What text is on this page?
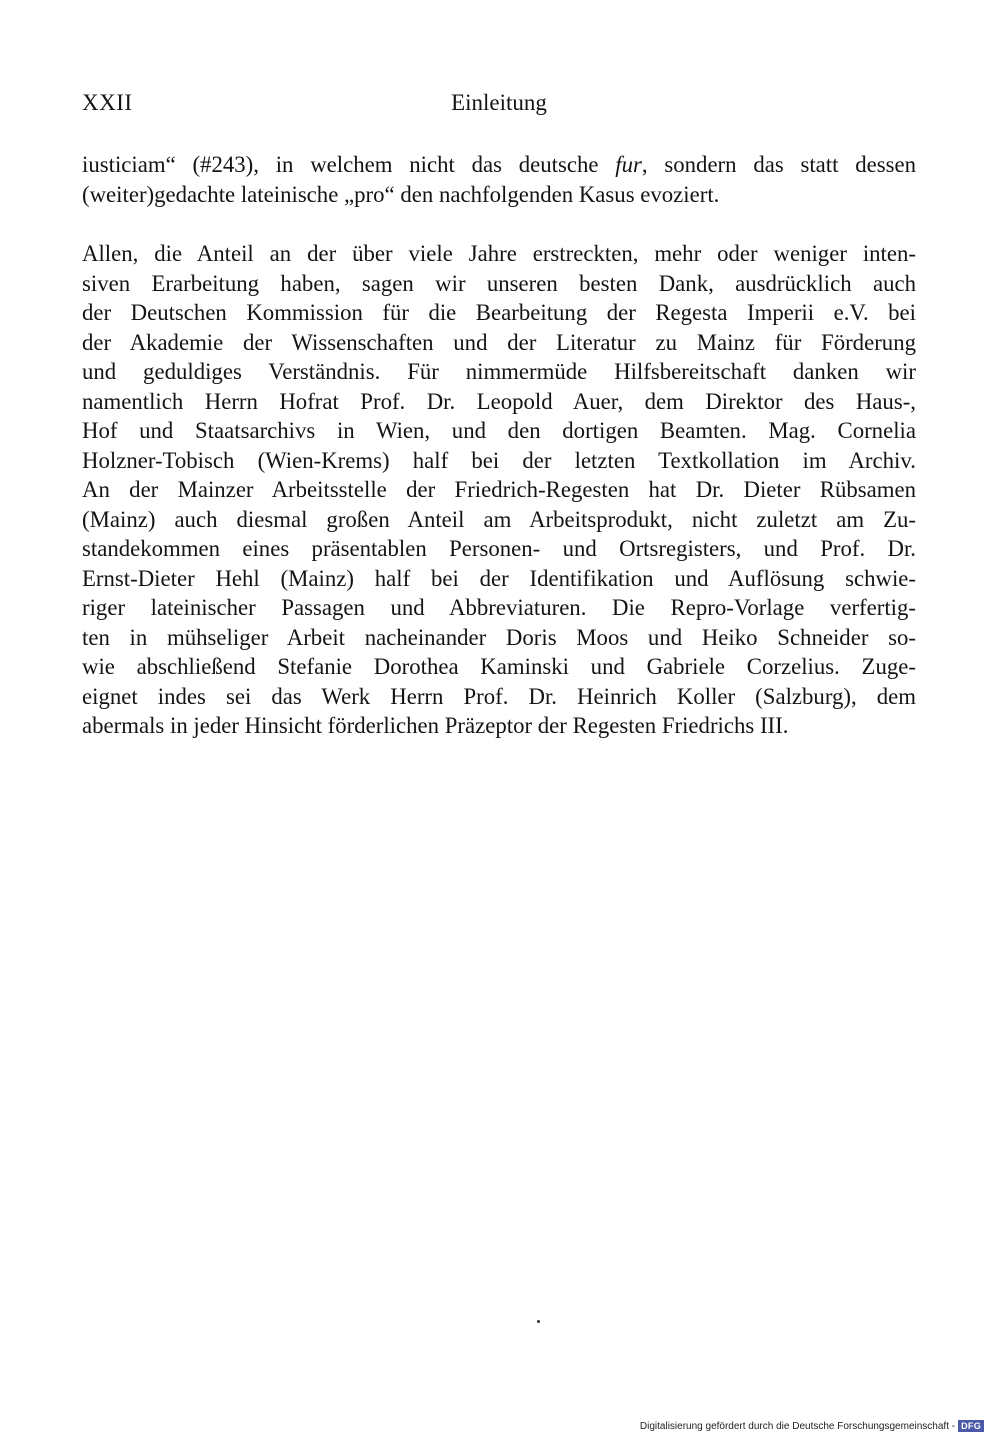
XXII	Einleitung
iusticiam“ (#243), in welchem nicht das deutsche fur, sondern das statt dessen
(weiter)gedachte lateinische „pro“ den nachfolgenden Kasus evoziert.
Allen, die Anteil an der über viele Jahre erstreckten, mehr oder weniger inten-
siven Erarbeitung haben, sagen wir unseren besten Dank, ausdrücklich auch
der Deutschen Kommission für die Bearbeitung der Regesta Imperii e.V. bei
der Akademie der Wissenschaften und der Literatur zu Mainz für Förderung
und geduldiges Verständnis. Für nimmermüde Hilfsbereitschaft danken wir
namentlich Herrn Hofrat Prof. Dr. Leopold Auer, dem Direktor des Haus-,
Hof und Staatsarchivs in Wien, und den dortigen Beamten. Mag. Cornelia
Holzner-Tobisch (Wien-Krems) half bei der letzten Textkollation im Archiv.
An der Mainzer Arbeitsstelle der Friedrich-Regesten hat Dr. Dieter Rübsamen
(Mainz) auch diesmal großen Anteil am Arbeitsprodukt, nicht zuletzt am Zu-
standekommen eines präsentablen Personen- und Ortsregisters, und Prof. Dr.
Ernst-Dieter Hehl (Mainz) half bei der Identifikation und Auflösung schwie-
riger lateinischer Passagen und Abbreviaturen. Die Repro-Vorlage verfertig-
ten in mühseliger Arbeit nacheinander Doris Moos und Heiko Schneider so-
wie abschließend Stefanie Dorothea Kaminski und Gabriele Corzelius. Zuge-
eignet indes sei das Werk Herrn Prof. Dr. Heinrich Koller (Salzburg), dem
abermals in jeder Hinsicht förderlichen Präzeptor der Regesten Friedrichs III.
Digitalisierung gefördert durch die Deutsche Forschungsgemeinschaft - DFG
